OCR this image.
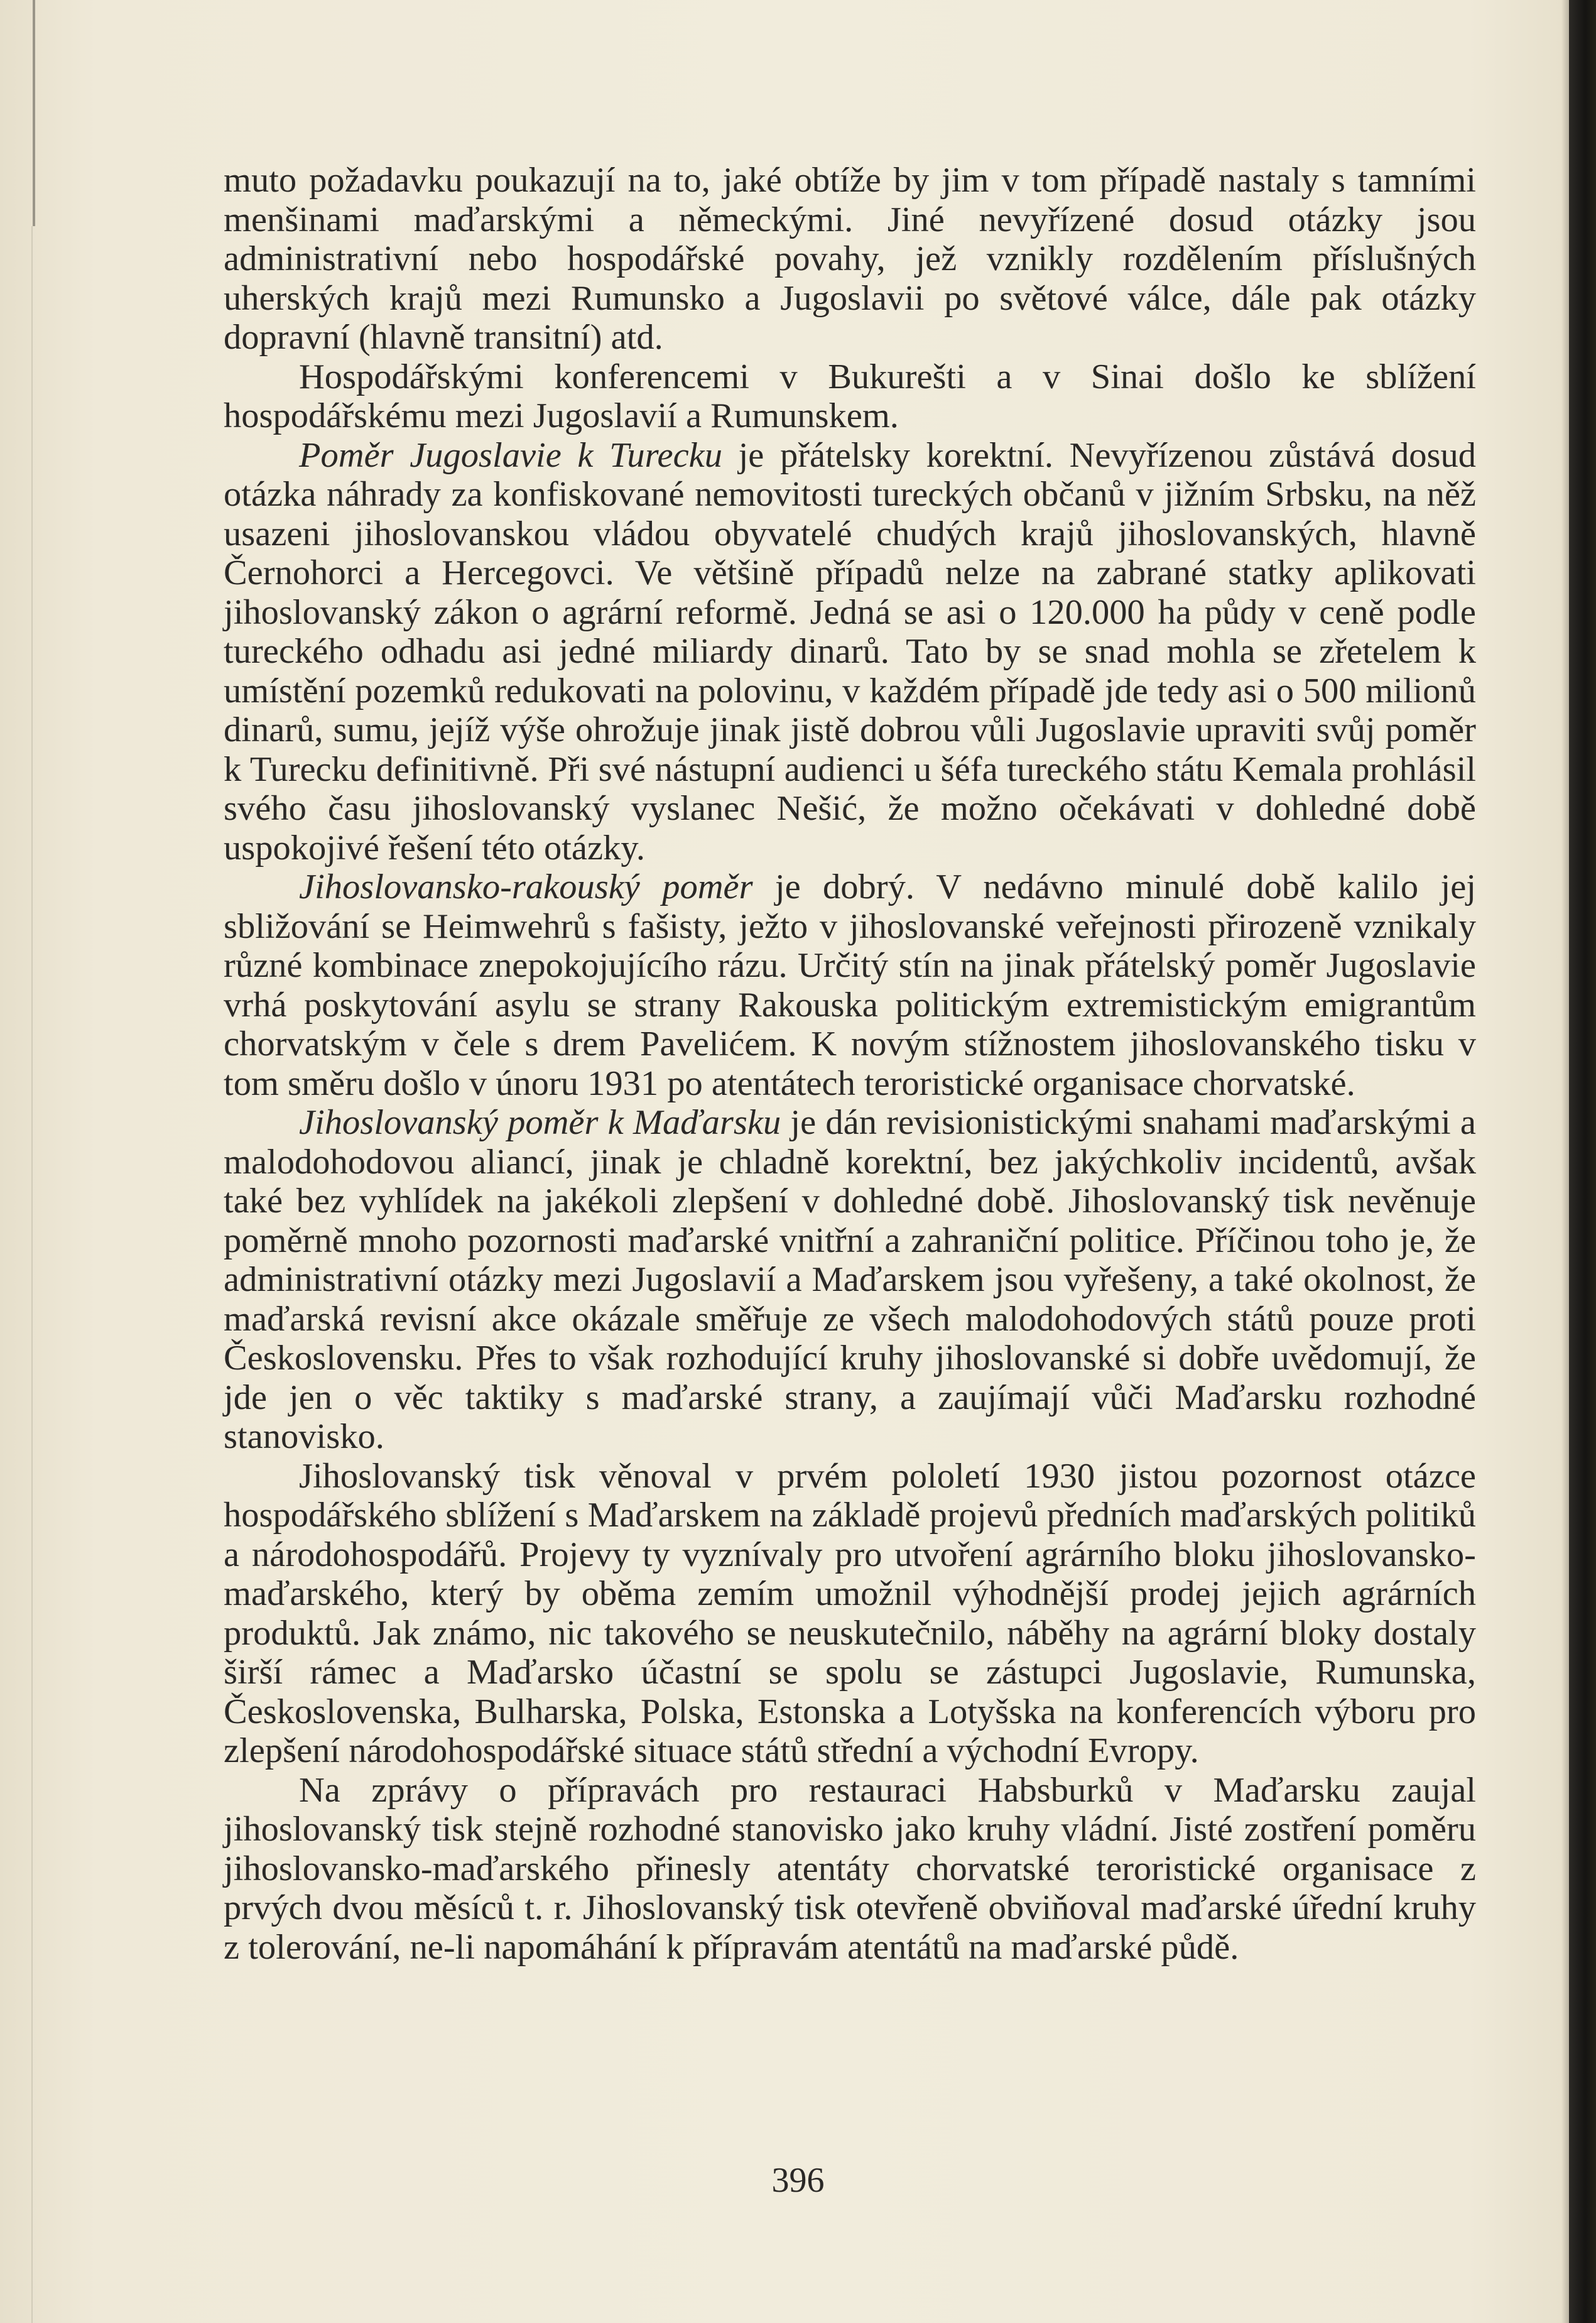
muto požadavku poukazují na to, jaké obtíže by jim v tom případě nastaly s tamními menšinami maďarskými a německými. Jiné nevyřízené dosud otázky jsou administrativní nebo hospodářské povahy, jež vznikly rozdělením příslušných uherských krajů mezi Rumunsko a Jugoslavii po světové válce, dále pak otázky dopravní (hlavně transitní) atd.

Hospodářskými konferencemi v Bukurešti a v Sinai došlo ke sblížení hospodářskému mezi Jugoslavií a Rumunskem.

Poměr Jugoslavie k Turecku je přátelsky korektní. Nevyřízenou zůstává dosud otázka náhrady za konfiskované nemovitosti tureckých občanů v jižním Srbsku, na něž usazeni jihoslovanskou vládou obyvatelé chudých krajů jihoslovanských, hlavně Černohorci a Hercegovci. Ve většině případů nelze na zabrané statky aplikovati jihoslovanský zákon o agrární reformě. Jedná se asi o 120.000 ha půdy v ceně podle tureckého odhadu asi jedné miliardy dinarů. Tato by se snad mohla se zřetelem k umístění pozemků redukovati na polovinu, v každém případě jde tedy asi o 500 milionů dinarů, sumu, jejíž výše ohrožuje jinak jistě dobrou vůli Jugoslavie upraviti svůj poměr k Turecku definitivně. Při své nástupní audienci u šéfa tureckého státu Kemala prohlásil svého času jihoslovanský vyslanec Nešić, že možno očekávati v dohledné době uspokojivé řešení této otázky.

Jihoslovansko-rakouský poměr je dobrý. V nedávno minulé době kalilo jej sbližování se Heimwehrů s fašisty, ježto v jihoslovanské veřejnosti přirozeně vznikaly různé kombinace znepokojujícího rázu. Určitý stín na jinak přátelský poměr Jugoslavie vrhá poskytování asylu se strany Rakouska politickým extremistickým emigrantům chorvatským v čele s drem Pavelićem. K novým stížnostem jihoslovanského tisku v tom směru došlo v únoru 1931 po atentátech teroristické organisace chorvatské.

Jihoslovanský poměr k Maďarsku je dán revisionistickými snahami maďarskými a malodohodovou aliancí, jinak je chladně korektní, bez jakýchkoliv incidentů, avšak také bez vyhlídek na jakékoli zlepšení v dohledné době. Jihoslovanský tisk nevěnuje poměrně mnoho pozornosti maďarské vnitřní a zahraniční politice. Příčinou toho je, že administrativní otázky mezi Jugoslavií a Maďarskem jsou vyřešeny, a také okolnost, že maďarská revisní akce okázale směřuje ze všech malodohodových států pouze proti Československu. Přes to však rozhodující kruhy jihoslovanské si dobře uvědomují, že jde jen o věc taktiky s maďarské strany, a zaujímají vůči Maďarsku rozhodné stanovisko.

Jihoslovanský tisk věnoval v prvém pololetí 1930 jistou pozornost otázce hospodářského sblížení s Maďarskem na základě projevů předních maďarských politiků a národohospodářů. Projevy ty vyznívaly pro utvoření agrárního bloku jihoslovansko-maďarského, který by oběma zemím umožnil výhodnější prodej jejich agrárních produktů. Jak známo, nic takového se neuskutečnilo, náběhy na agrární bloky dostaly širší rámec a Maďarsko účastní se spolu se zástupci Jugoslavie, Rumunska, Československa, Bulharska, Polska, Estonska a Lotyšska na konferencích výboru pro zlepšení národohospodářské situace států střední a východní Evropy.

Na zprávy o přípravách pro restauraci Habsburků v Maďarsku zaujal jihoslovanský tisk stejně rozhodné stanovisko jako kruhy vládní. Jisté zostření poměru jihoslovansko-maďarského přinesly atentáty chorvatské teroristické organisace z prvých dvou měsíců t. r. Jihoslovanský tisk otevřeně obviňoval maďarské úřední kruhy z tolerování, ne-li napomáhání k přípravám atentátů na maďarské půdě.

396
